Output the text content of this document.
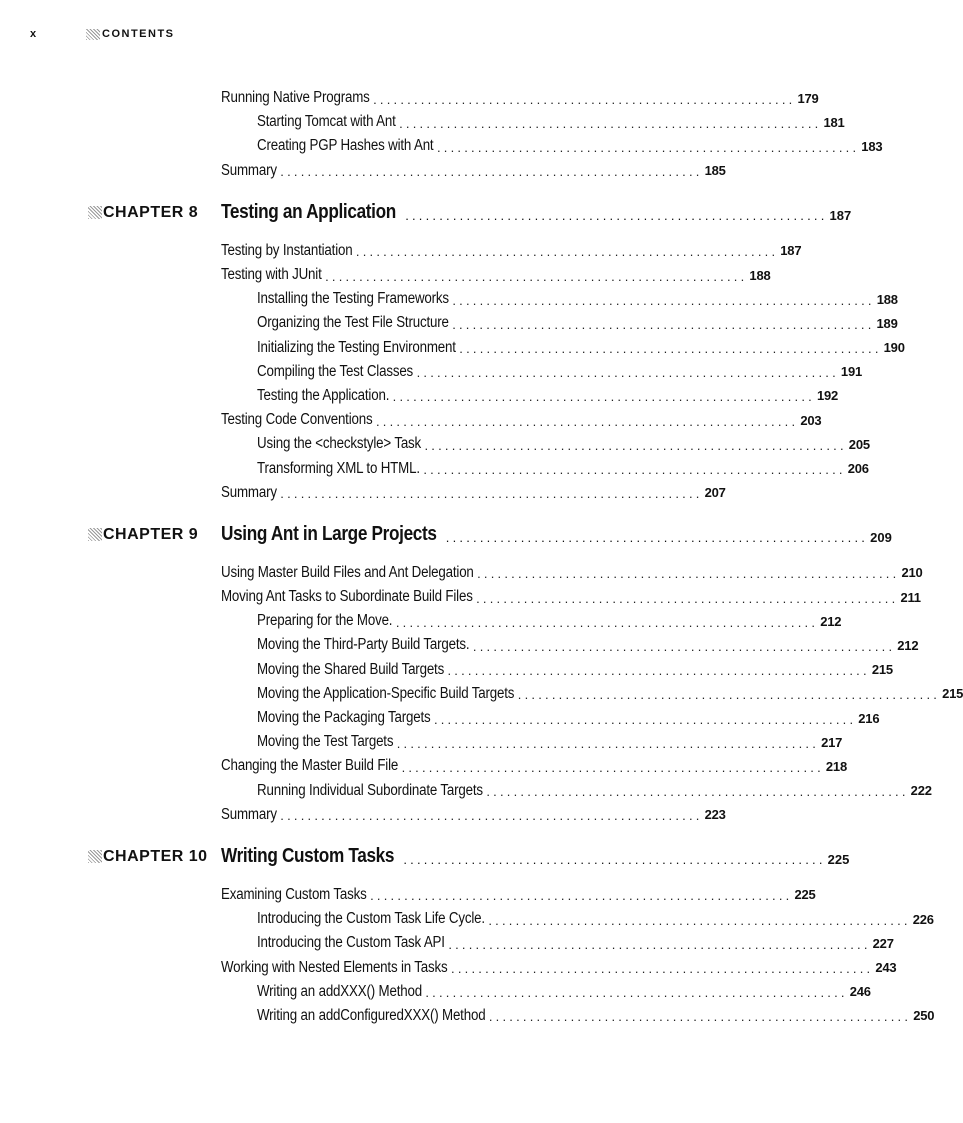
x	CONTENTS
Running Native Programs .............................................................. 179
Starting Tomcat with Ant .............................................................. 181
Creating PGP Hashes with Ant .............................................................. 183
Summary .............................................................. 185
CHAPTER 8 Testing an Application .............................................................. 187
Testing by Instantiation .............................................................. 187
Testing with JUnit .............................................................. 188
Installing the Testing Frameworks .............................................................. 188
Organizing the Test File Structure .............................................................. 189
Initializing the Testing Environment .............................................................. 190
Compiling the Test Classes .............................................................. 191
Testing the Application. .............................................................. 192
Testing Code Conventions .............................................................. 203
Using the <checkstyle> Task .............................................................. 205
Transforming XML to HTML. .............................................................. 206
Summary .............................................................. 207
CHAPTER 9 Using Ant in Large Projects .............................................................. 209
Using Master Build Files and Ant Delegation .............................................................. 210
Moving Ant Tasks to Subordinate Build Files .............................................................. 211
Preparing for the Move. .............................................................. 212
Moving the Third-Party Build Targets. .............................................................. 212
Moving the Shared Build Targets .............................................................. 215
Moving the Application-Specific Build Targets .............................................................. 215
Moving the Packaging Targets .............................................................. 216
Moving the Test Targets .............................................................. 217
Changing the Master Build File .............................................................. 218
Running Individual Subordinate Targets .............................................................. 222
Summary .............................................................. 223
CHAPTER 10 Writing Custom Tasks .............................................................. 225
Examining Custom Tasks .............................................................. 225
Introducing the Custom Task Life Cycle. .............................................................. 226
Introducing the Custom Task API .............................................................. 227
Working with Nested Elements in Tasks .............................................................. 243
Writing an addXXX() Method .............................................................. 246
Writing an addConfiguredXXX() Method .............................................................. 250
